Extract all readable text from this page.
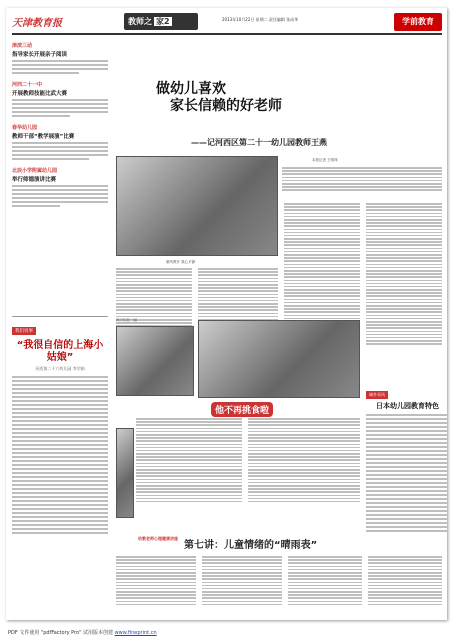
天津教育报	教师之 家2	2013年10月22日 星期二 责任编辑 张成华	学前教育
津滨三动
指导家长开展亲子阅读
河西二十一中
开展教师技能比武大赛
春华幼儿园
教师干部“教学展演”比赛
北辰小学附属幼儿园
举行师德演讲比赛
我们说事
“我很自信的上海小姑娘”
河西第二十六幼儿园 李学娟
做幼儿喜欢
家长信赖的好老师
——记河西区第二十一幼儿园教师王燕
本报记者 王明珠
做幼教开 我心平静
孩子们在一起
他不再挑食啦
域外采风
日本幼儿园教育特色
幼教老师心理健康讲座
第七讲：儿童情绪的“晴雨表”
PDF 文件使用 "pdfFactory Pro" 试用版本创建 www.fineprint.cn
